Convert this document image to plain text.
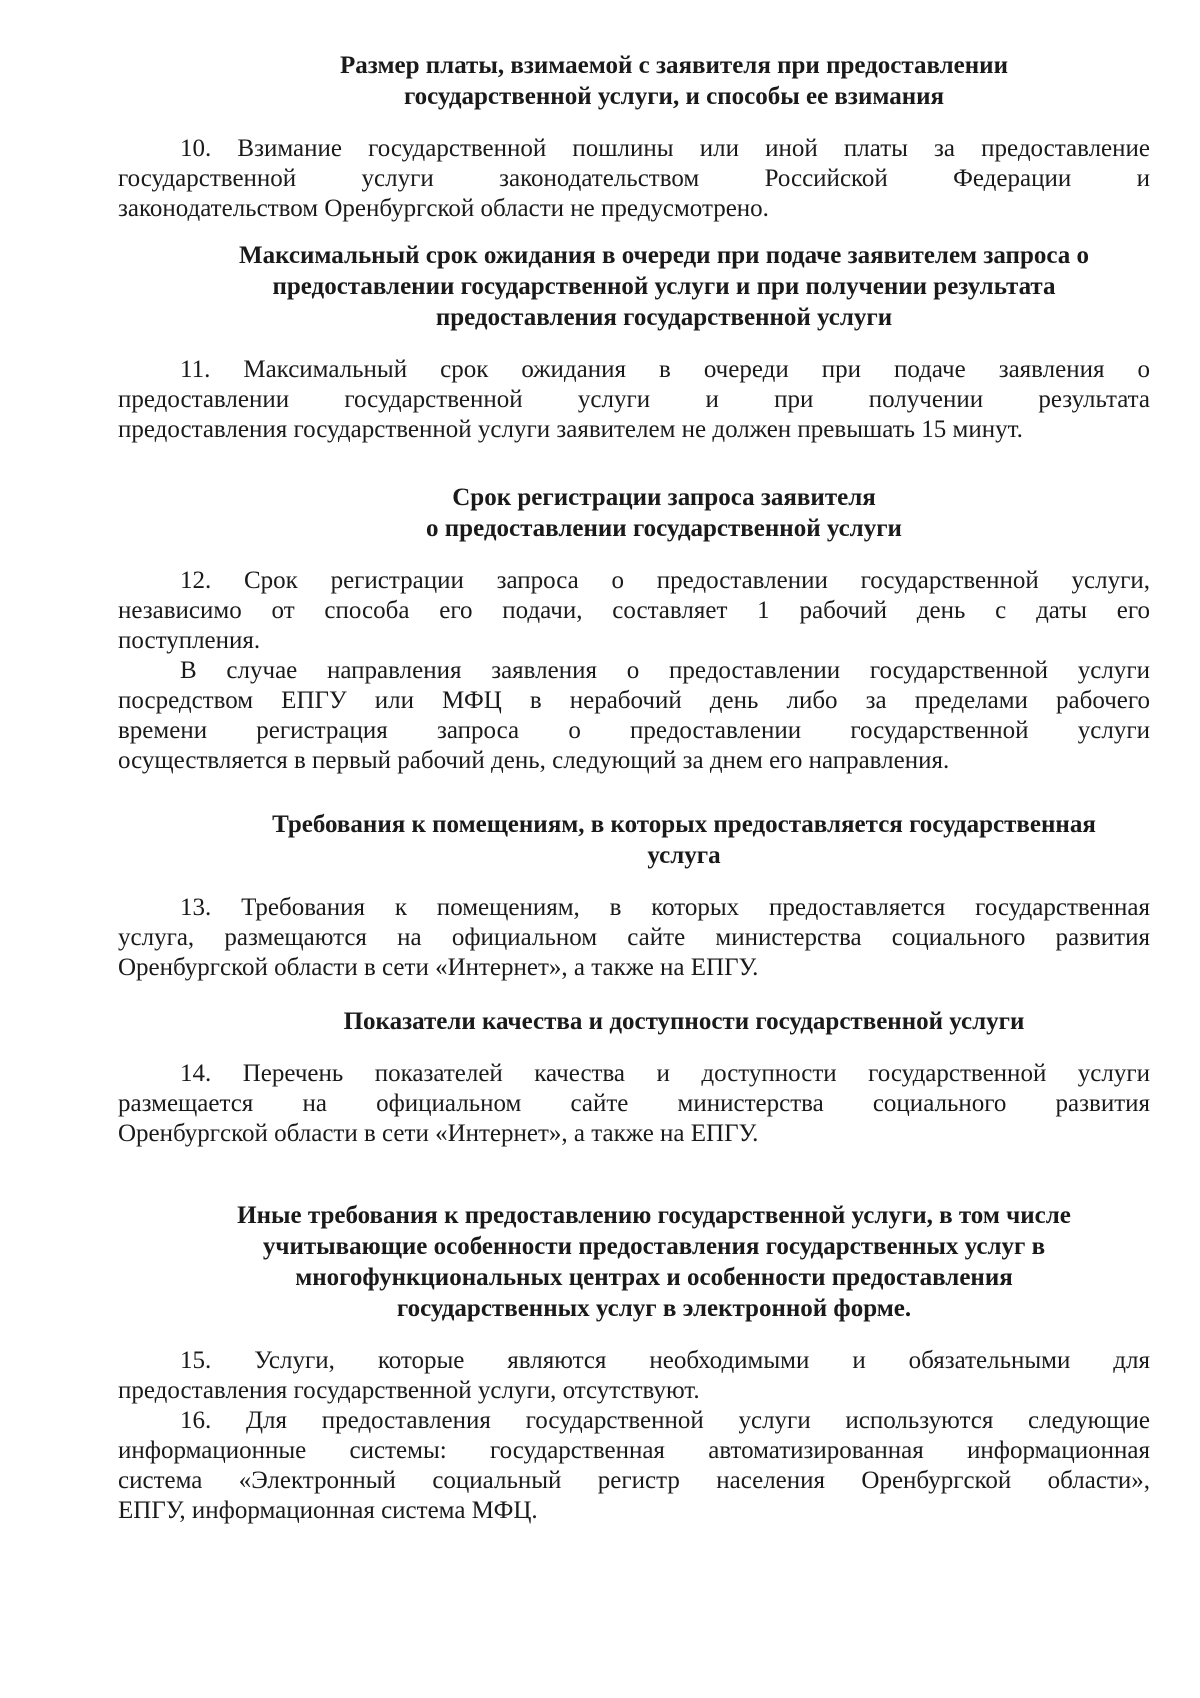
Размер платы, взимаемой с заявителя при предоставлении
государственной услуги, и способы ее взимания
10. Взимание государственной пошлины или иной платы за предоставление
государственной услуги законодательством Российской Федерации и
законодательством Оренбургской области не предусмотрено.
Максимальный срок ожидания в очереди при подаче заявителем запроса о
предоставлении государственной услуги и при получении результата
предоставления государственной услуги
11. Максимальный срок ожидания в очереди при подаче заявления о
предоставлении государственной услуги и при получении результата
предоставления государственной услуги заявителем не должен превышать 15 минут.
Срок регистрации запроса заявителя
о предоставлении государственной услуги
12. Срок регистрации запроса о предоставлении государственной услуги,
независимо от способа его подачи, составляет 1 рабочий день с даты его
поступления.
В случае направления заявления о предоставлении государственной услуги
посредством ЕПГУ или МФЦ в нерабочий день либо за пределами рабочего
времени регистрация запроса о предоставлении государственной услуги
осуществляется в первый рабочий день, следующий за днем его направления.
Требования к помещениям, в которых предоставляется государственная
услуга
13. Требования к помещениям, в которых предоставляется государственная
услуга, размещаются на официальном сайте министерства социального развития
Оренбургской области в сети «Интернет», а также на ЕПГУ.
Показатели качества и доступности государственной услуги
14. Перечень показателей качества и доступности государственной услуги
размещается на официальном сайте министерства социального развития
Оренбургской области в сети «Интернет», а также на ЕПГУ.
Иные требования к предоставлению государственной услуги, в том числе
учитывающие особенности предоставления государственных услуг в
многофункциональных центрах и особенности предоставления
государственных услуг в электронной форме.
15. Услуги, которые являются необходимыми и обязательными для
предоставления государственной услуги, отсутствуют.
16. Для предоставления государственной услуги используются следующие
информационные системы: государственная автоматизированная информационная
система «Электронный социальный регистр населения Оренбургской области»,
ЕПГУ, информационная система МФЦ.
